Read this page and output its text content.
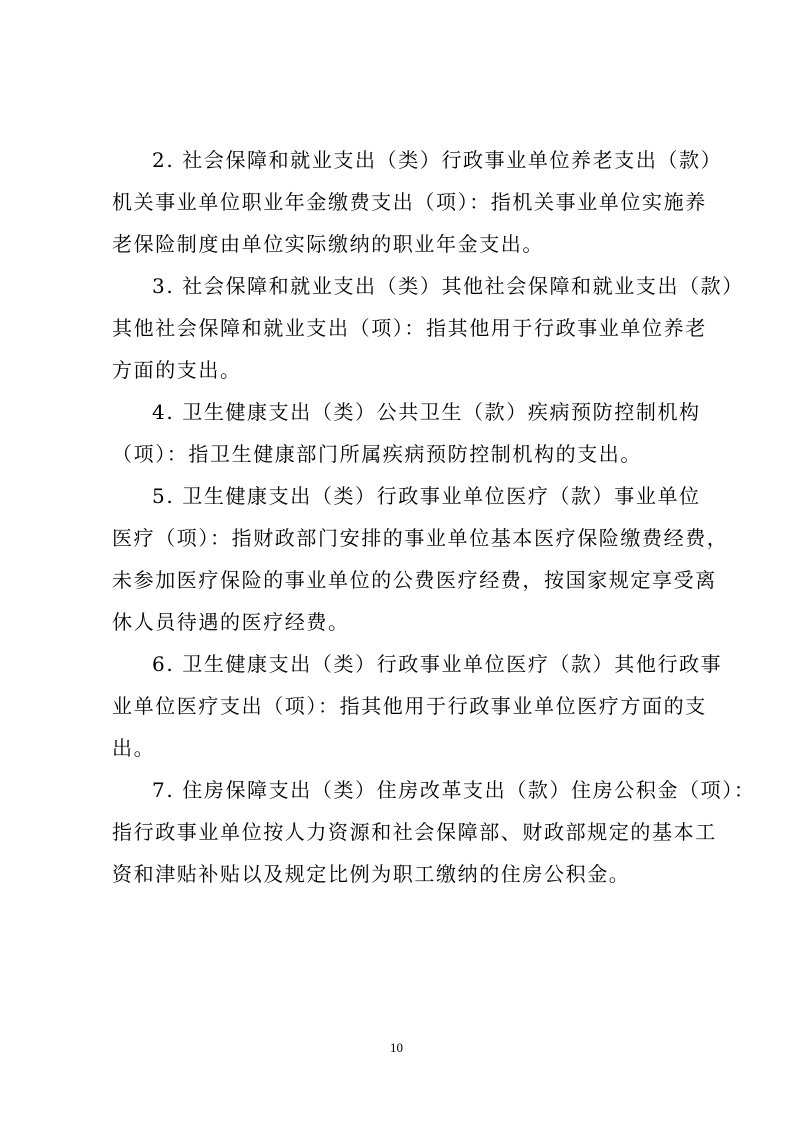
2. 社会保障和就业支出（类）行政事业单位养老支出（款）
机关事业单位职业年金缴费支出（项）：指机关事业单位实施养
老保险制度由单位实际缴纳的职业年金支出。
3. 社会保障和就业支出（类）其他社会保障和就业支出（款）
其他社会保障和就业支出（项）：指其他用于行政事业单位养老
方面的支出。
4. 卫生健康支出（类）公共卫生（款）疾病预防控制机构
（项）：指卫生健康部门所属疾病预防控制机构的支出。
5. 卫生健康支出（类）行政事业单位医疗（款）事业单位
医疗（项）：指财政部门安排的事业单位基本医疗保险缴费经费，
未参加医疗保险的事业单位的公费医疗经费，按国家规定享受离
休人员待遇的医疗经费。
6. 卫生健康支出（类）行政事业单位医疗（款）其他行政事
业单位医疗支出（项）：指其他用于行政事业单位医疗方面的支
出。
7. 住房保障支出（类）住房改革支出（款）住房公积金（项）：
指行政事业单位按人力资源和社会保障部、财政部规定的基本工
资和津贴补贴以及规定比例为职工缴纳的住房公积金。
10
